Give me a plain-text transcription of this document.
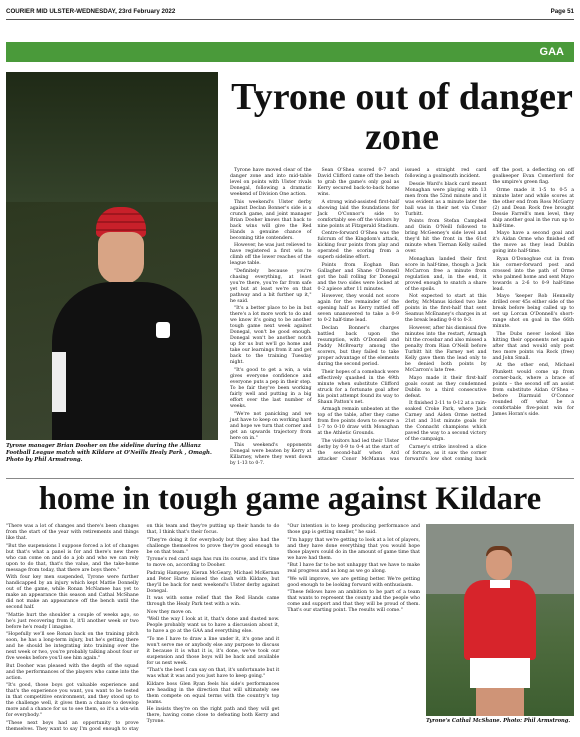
COURIER MID ULSTER-WEDNESDAY, 23rd February 2022	Page 51
GAA
Tyrone manager Brian Dooher on the sideline during the Allianz Football League match with Kildare at O'Neills Healy Park , Omagh. Photo by Phil Armstrong.
Tyrone out of danger zone

Tyrone have moved clear of the danger zone and into mid-table level on points with Ulster rivals Donegal, following a dramatic weekend of Division One action.

This weekend's Ulster derby against Declan Bonner's side is a crunch game, and joint manager Brian Dooher knows that back to back wins will give the Red Hands a genuine chance of becoming title contenders.

However, he was just relieved to have registered a first win to climb off the lower reaches of the league table.

"Definitely because you're chasing everything, at least you're there, you're far from safe yet but at least we're on that pathway and a bit further up it," he said.

"It's a better place to be in but there's a lot more work to do and we know it's going to be another tough game next week against Donegal, won't be good enough. Donegal won't be another notch up for us but we'll go home and take our learnings from it and get back to the training Tuesday night.

"It's good to get a win, a win gives everyone confidence and everyone puts a pep in their step. To be fair they've been working fairly well and putting in a big effort over the last number of weeks.

"We're not panicking and we just have to keep on working hard and hope we turn that corner and get an upwards trajectory from here on in."

This weekend's opponents Donegal were beaten by Kerry at Killarney, where they went down by 1-13 to 0-7.

Sean O'Shea scored 0-7 and David Clifford came off the bench to grab the game's only goal as Kerry secured back-to-back home wins.

A strong wind-assisted first-half showing laid the foundations for Jack O'Connor's side to comfortably see off the visitors by nine points at Fitzgerald Stadium.

Centre-forward O'Shea was the fulcrum of the Kingdom's attack, kicking four points from play and operated the scoring from a superb sideline effort.

Points from Eoghan Ban Gallagher and Shane O'Donnell got the ball rolling for Donegal and the two sides were locked at 0-2 apiece after 11 minutes.

However, they would not score again for the remainder of the opening half as Kerry rattled off seven unanswered to take a 0-9 to 0-2 half-time lead.

Declan Bonner's charges battled back upon the resumption, with O'Donnell and Paddy McBrearty among the scorers, but they failed to take proper advantage of the elements during the second period.

Their hopes of a comeback were effectively quashed in the 49th minute when substitute Clifford struck for a fortunate goal after his point attempt found its way to Shaun Patton's net.

Armagh remain unbeaten at the top of the table, after they came from five points down to secure a 1-7 to 0-10 draw with Monaghan at the Athletic Grounds.

The visitors had led their Ulster derby by 0-9 to 0-4 at the start of the second-half when Ard attacker Conor McManus was issued a straight red card following a goalmouth incident.

Dessie Ward's black card meant Monaghan were playing with 13 men from the 52nd minute and it was evident as a minute later the ball was in their net via Conor Turbitt.

Points from Stefan Campbell and Oisin O'Neill followed to bring McGeeney's side level and they'd hit the front in the 61st minute when Tiernan Kelly sailed over.

Monaghan landed their first score in half-time, though a Jack McCarron free a minute from regulation and, in the end, it proved enough to snatch a share of the spoils.

Not expected to start at this derby, McManus kicked two late points in the first-half that sent Seamus McEnaney's charges in at the break leading 0-8 to 0-3.

However, after his dismissal five minutes into the restart, Armagh hit the crossbar and also missed a penalty from Rian O'Neill before Turbitt hit the Farney net and Kelly gave them the lead only to be denied both points by McCarron's late free.

Mayo made it their first-half goals count as they condemned Dublin to a third consecutive defeat.

It finished 2-11 to 0-12 at a rain-soaked Croke Park, where Jack Carney and Aiden Orme netted 21st and 31st minute goals for the Connacht champions which paved the way to a second victory of the campaign.

Carney's strike involved a slice of fortune, as it saw the corner forward's low shot coming back off the post, a deflecting on off goalkeeper Evan Comerford for the umpire's green flag.

Orme made it 1-5 to 0-5 a minute later and while scores at the other end from Ross McGarry (2) and Dean Rock free brought Dessie Farrell's men level, they ship another goal in the run up to half-time.

Mayo have a second goal and it's Aidan Orme who finished off the move as they lead Dublin going into half-time.

Ryan O'Donoghue cut in from his corner-forward post and crossed into the path of Orme who palmed home and sent Mayo towards a 2-6 to 0-9 half-time lead.

Mayo 'keeper Rob Hennelly drilled over 45s either side of the break before being called up to set up Lorcan O'Donnell's short-range shot on goal in the 66th minute.

The Dubs never looked like hitting their opponents net again after that and would only post two more points via Rock (free) and John Small.

At the other end, Michael Plunkett would come up from corner-back, where a brace of points – the second off an assist from substitute Aidan O'Shea – before Diarmuid O'Connor rounded off what be a comfortable five-point win for James Horan's side.

home in tough game against Kildare

"There was a lot of changes and there's been changes from the start of the year with retirements and things like that.

"But the suspensions I suppose forced a lot of changes but that's what a panel is for and there's new there who can come on and do a job and who we can rely upon to do that, that's the value, and the take-home message from today, that there are boys there."

With four key men suspended, Tyrone were further handicapped by an injury which kept Mattie Donnelly out of the game, while Ronan McNamee has yet to make an appearance this season and Cathal McShane did not make an appearance off the bench until the second half.

"Mattie hurt the shoulder a couple of weeks ago, so he's just recovering from it, it'll another week or two before he's ready I imagine.

"Hopefully we'll see Ronan back on the training pitch soon, he has a long-term injury, but he's getting there and he should be integrating into training over the next week or two, you're probably talking about four or five weeks before you'll see him again."

But Dooher was pleased with the depth of the squad and the performances of the players who came into the action.

"It's good, those boys got valuable experience and that's the experience you want, you want to be tested in that competitive environment, and they stood up to the challenge well, it gives them a chance to develop more and a chance for us to see them, so it's a win-win for everybody."

"These next boys had an opportunity to prove themselves. They want to say I'm good enough to stay on this team and they're putting up their hands to do that, I think that's their focus.

"They're doing it for everybody but they also had the challenge themselves to prove they're good enough to be on that team."

Tyrone's red card saga has run its course, and it's time to move on, according to Dooher.

Padraig Hampsey, Kieran McGeary, Michael McKernan and Peter Harte missed the clash with Kildare, but they'll be back for next weekend's Ulster derby against Donegal.

It was with some relief that the Red Hands came through the Healy Park test with a win.

Now they move on.

"Well the way I look at it, that's done and dusted now. People probably want us to have a discussion about it, to have a go at the GAA and everything else.

"To me I have to draw a line under it, it's gone and it won't serve me or anybody else any purpose to discuss it because it is what it is, it's done, we've took our suspension and those boys will be back and available for us next week.

"That's the best I can say on that, it's unfortunate but it was what it was and you just have to keep going."

Kildare boss Glen Ryan feels his side's performances are heading in the direction that will ultimately see them compete on equal terms with the country's top teams.

He insists they're on the right path and they will get there, having come close to defeating both Kerry and Tyrone.

"Our intention is to keep producing performance and those gap is getting smaller," he said.

"I'm happy that we're getting to look at a lot of players, and they have done everything that you would hope those players could do in the amount of game time that we have had them.

"But I have far to be not unhappy that we have to make real progress and as long as we go along.

"We will improve, we are getting better. We're getting good enough to be looking forward with enthusiasm.

"These fellows have an ambition to be part of a team that wants to represent the county and the people who come and support and that they will be proud of them. That's our starting point. The results will come."

Tyrone's Cathal McShane. Photo: Phil Armstrong.
